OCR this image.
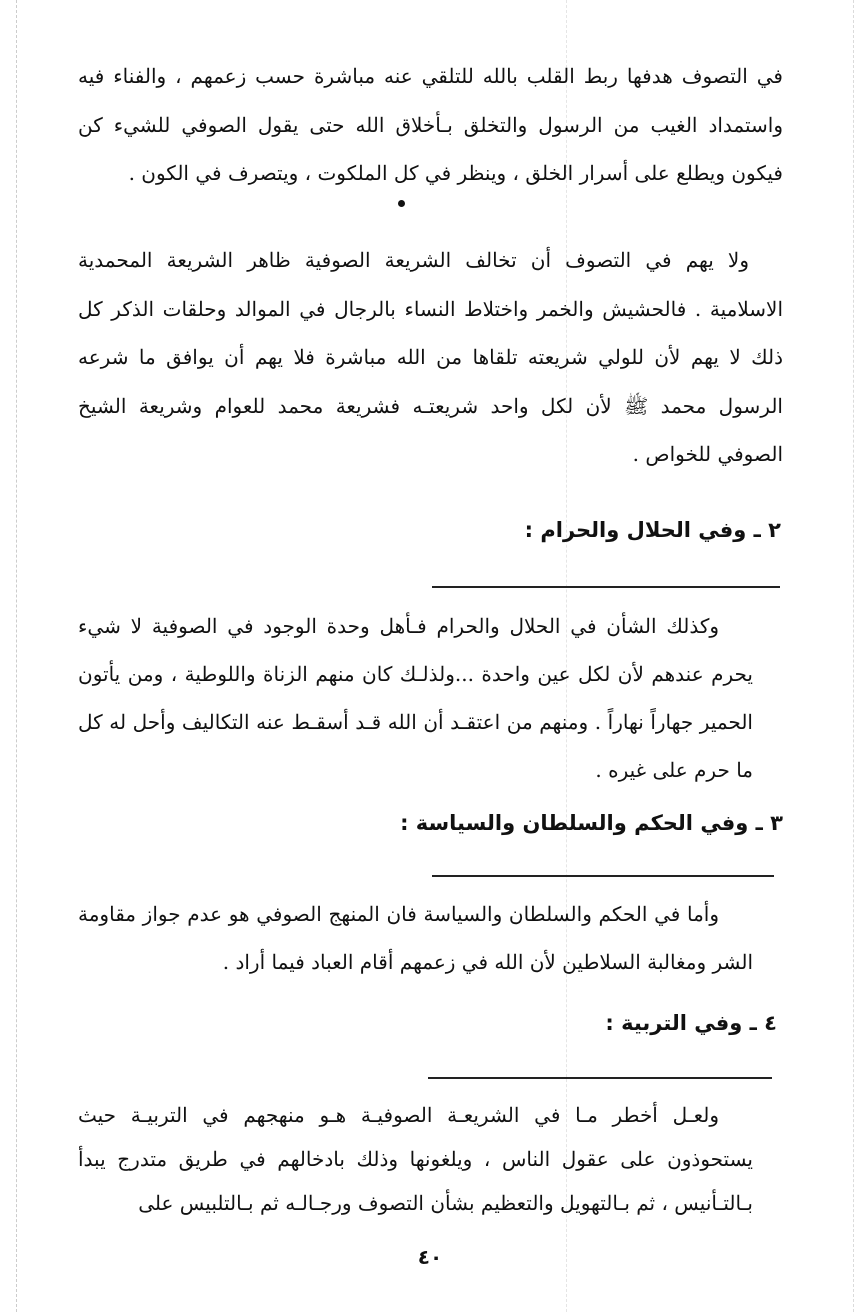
في التصوف هدفها ربط القلب بالله للتلقي عنه مباشرة حسب زعمهم ، والفناء فيه واستمداد الغيب من الرسول والتخلق بـأخلاق الله حتى يقول الصوفي للشيء كن فيكون ويطلع على أسرار الخلق ، وينظر في كل الملكوت ، ويتصرف في الكون .

ولا يهم في التصوف أن تخالف الشريعة الصوفية ظاهر الشريعة المحمدية الاسلامية . فالحشيش والخمر واختلاط النساء بالرجال في الموالد وحلقات الذكر كل ذلك لا يهم لأن للولي شريعته تلقاها من الله مباشرة فلا يهم أن يوافق ما شرعه الرسول محمد ﷺ لأن لكل واحد شريعتـه فشريعة محمد للعوام وشريعة الشيخ الصوفي للخواص .

٢ ـ وفي الحلال والحرام :

وكذلك الشأن في الحلال والحرام فـأهل وحدة الوجود في الصوفية لا شيء يحرم عندهم لأن لكل عين واحدة ...ولذلـك كان منهم الزناة واللوطية ، ومن يأتون الحمير جهاراً نهاراً . ومنهم من اعتقـد أن الله قـد أسقـط عنه التكاليف وأحل له كل ما حرم على غيره .

٣ ـ وفي الحكم والسلطان والسياسة :

وأما في الحكم والسلطان والسياسة فان المنهج الصوفي هو عدم جواز مقاومة الشر ومغالبة السلاطين لأن الله في زعمهم أقام العباد فيما أراد .

٤ ـ وفي التربية :

ولعـل أخطر مـا في الشريعـة الصوفيـة هـو منهجهم في التربيـة حيث يستحوذون على عقول الناس ، ويلغونها وذلك بادخالهم في طريق متدرج يبدأ بـالتـأنيس ، ثم بـالتهويل والتعظيم بشأن التصوف ورجـالـه ثم بـالتلبيس على

٤٠
